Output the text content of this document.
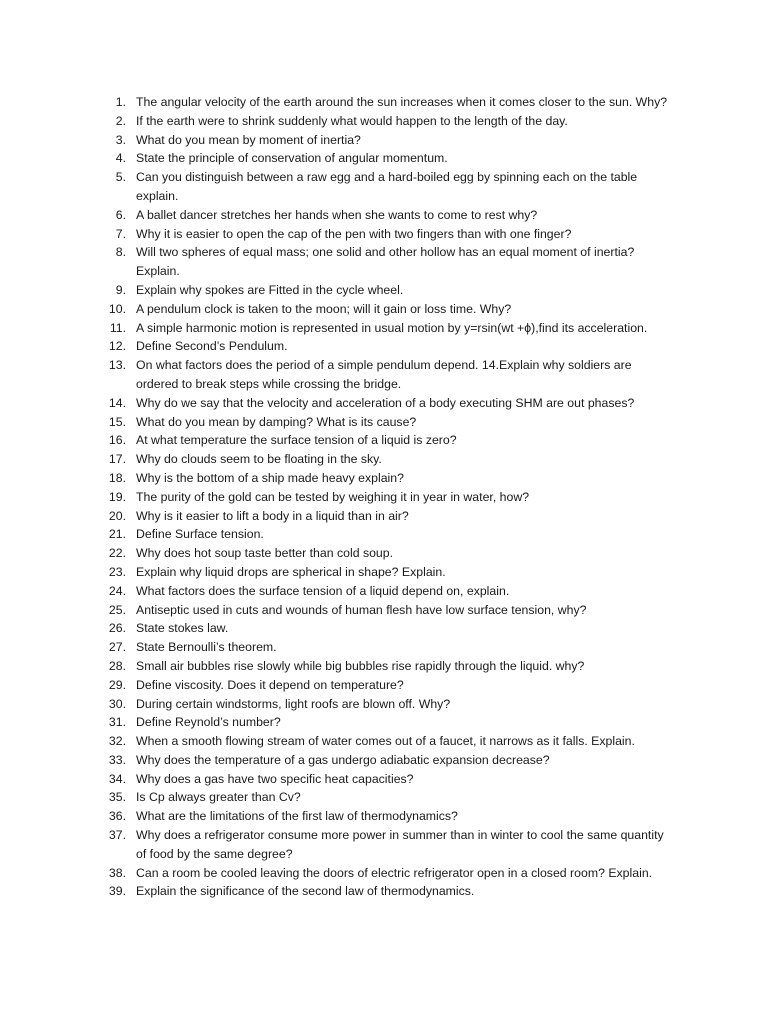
1. The angular velocity of the earth around the sun increases when it comes closer to the sun. Why?
2. If the earth were to shrink suddenly what would happen to the length of the day.
3. What do you mean by moment of inertia?
4. State the principle of conservation of angular momentum.
5. Can you distinguish between a raw egg and a hard-boiled egg by spinning each on the table explain.
6. A ballet dancer stretches her hands when she wants to come to rest why?
7. Why it is easier to open the cap of the pen with two fingers than with one finger?
8. Will two spheres of equal mass; one solid and other hollow has an equal moment of inertia? Explain.
9. Explain why spokes are Fitted in the cycle wheel.
10. A pendulum clock is taken to the moon; will it gain or loss time. Why?
11. A simple harmonic motion is represented in usual motion by y=rsin(wt +ϕ),find its acceleration.
12. Define Second’s Pendulum.
13. On what factors does the period of a simple pendulum depend. 14.Explain why soldiers are ordered to break steps while crossing the bridge.
14. Why do we say that the velocity and acceleration of a body executing SHM are out phases?
15. What do you mean by damping? What is its cause?
16. At what temperature the surface tension of a liquid is zero?
17. Why do clouds seem to be floating in the sky.
18. Why is the bottom of a ship made heavy explain?
19. The purity of the gold can be tested by weighing it in year in water, how?
20. Why is it easier to lift a body in a liquid than in air?
21. Define Surface tension.
22. Why does hot soup taste better than cold soup.
23. Explain why liquid drops are spherical in shape? Explain.
24. What factors does the surface tension of a liquid depend on, explain.
25. Antiseptic used in cuts and wounds of human flesh have low surface tension, why?
26. State stokes law.
27. State Bernoulli’s theorem.
28. Small air bubbles rise slowly while big bubbles rise rapidly through the liquid. why?
29. Define viscosity. Does it depend on temperature?
30. During certain windstorms, light roofs are blown off. Why?
31. Define Reynold’s number?
32. When a smooth flowing stream of water comes out of a faucet, it narrows as it falls. Explain.
33. Why does the temperature of a gas undergo adiabatic expansion decrease?
34. Why does a gas have two specific heat capacities?
35. Is Cp always greater than Cv?
36. What are the limitations of the first law of thermodynamics?
37. Why does a refrigerator consume more power in summer than in winter to cool the same quantity of food by the same degree?
38. Can a room be cooled leaving the doors of electric refrigerator open in a closed room? Explain.
39. Explain the significance of the second law of thermodynamics.
